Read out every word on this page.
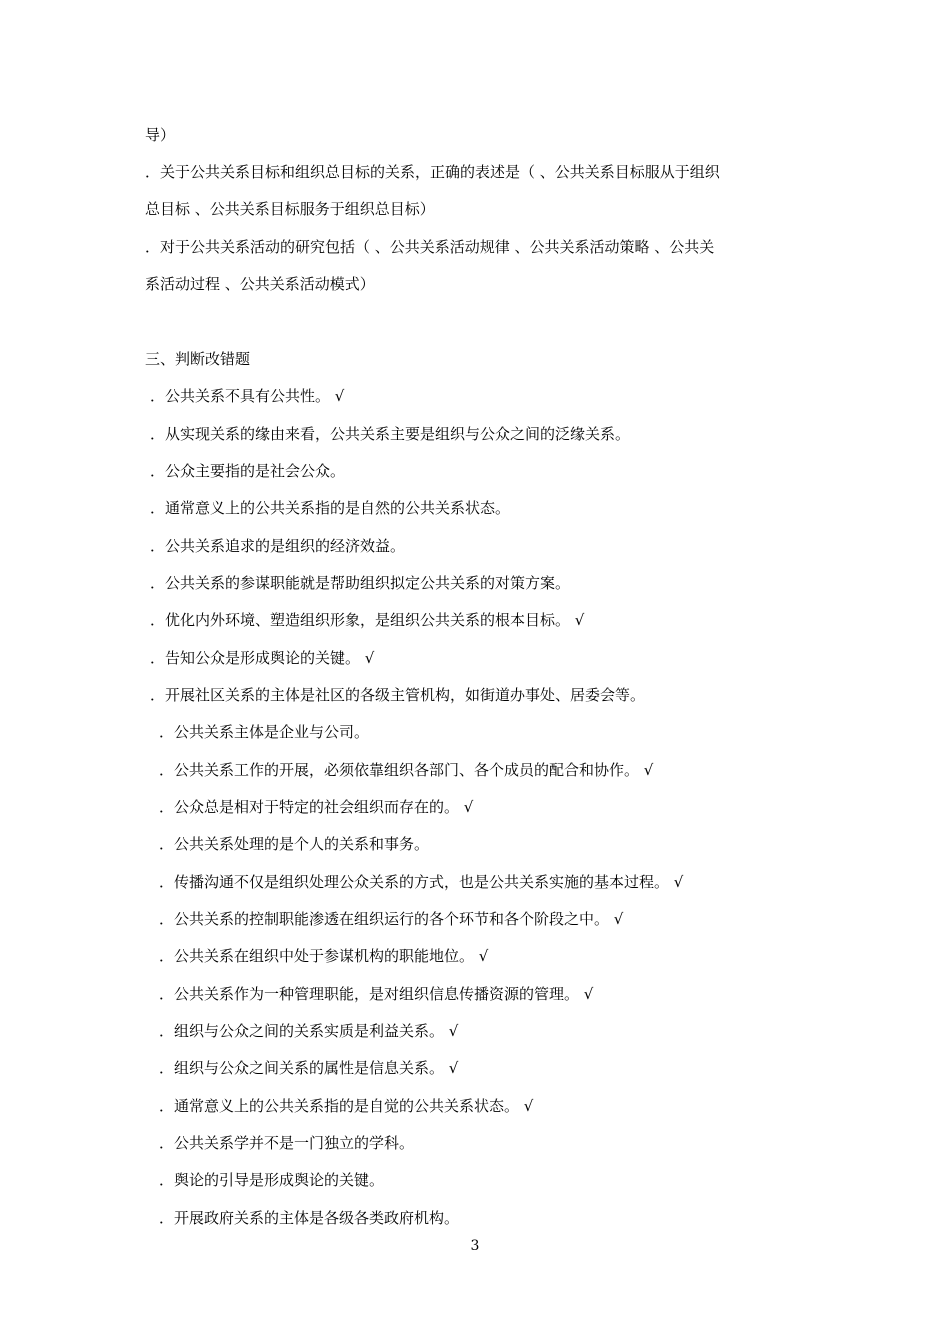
导）
．关于公共关系目标和组织总目标的关系，正确的表述是（ 、公共关系目标服从于组织
总目标 、公共关系目标服务于组织总目标）
．对于公共关系活动的研究包括（ 、公共关系活动规律 、公共关系活动策略 、公共关
系活动过程 、公共关系活动模式）
三、判断改错题
．公共关系不具有公共性。 √
．从实现关系的缘由来看，公共关系主要是组织与公众之间的泛缘关系。
．公众主要指的是社会公众。
．通常意义上的公共关系指的是自然的公共关系状态。
．公共关系追求的是组织的经济效益。
．公共关系的参谋职能就是帮助组织拟定公共关系的对策方案。
．优化内外环境、塑造组织形象，是组织公共关系的根本目标。 √
．告知公众是形成舆论的关键。 √
．开展社区关系的主体是社区的各级主管机构，如街道办事处、居委会等。
．公共关系主体是企业与公司。
．公共关系工作的开展，必须依靠组织各部门、各个成员的配合和协作。 √
．公众总是相对于特定的社会组织而存在的。 √
．公共关系处理的是个人的关系和事务。
．传播沟通不仅是组织处理公众关系的方式，也是公共关系实施的基本过程。 √
．公共关系的控制职能渗透在组织运行的各个环节和各个阶段之中。 √
．公共关系在组织中处于参谋机构的职能地位。 √
．公共关系作为一种管理职能，是对组织信息传播资源的管理。 √
．组织与公众之间的关系实质是利益关系。 √
．组织与公众之间关系的属性是信息关系。 √
．通常意义上的公共关系指的是自觉的公共关系状态。 √
．公共关系学并不是一门独立的学科。
．舆论的引导是形成舆论的关键。
．开展政府关系的主体是各级各类政府机构。
3
